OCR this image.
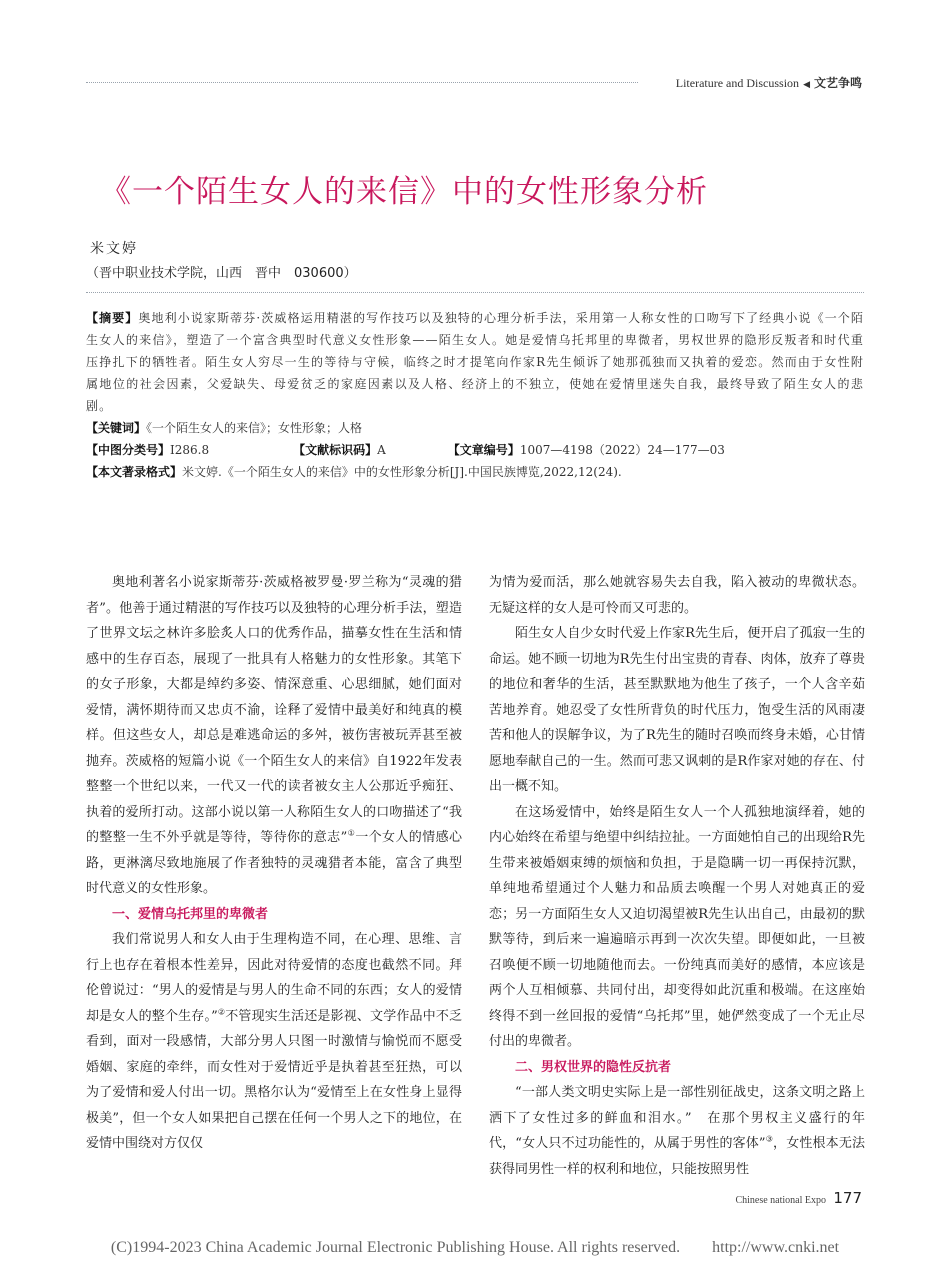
Literature and Discussion ◀ 文艺争鸣
《一个陌生女人的来信》中的女性形象分析
米文婷
（晋中职业技术学院，山西　晋中　030600）
【摘要】奥地利小说家斯蒂芬·茨威格运用精湛的写作技巧以及独特的心理分析手法，采用第一人称女性的口吻写下了经典小说《一个陌生女人的来信》，塑造了一个富含典型时代意义女性形象——陌生女人。她是爱情乌托邦里的卑微者，男权世界的隐形反叛者和时代重压挣扎下的牺牲者。陌生女人穷尽一生的等待与守候，临终之时才提笔向作家R先生倾诉了她那孤独而又执着的爱恋。然而由于女性附属地位的社会因素，父爱缺失、母爱贫乏的家庭因素以及人格、经济上的不独立，使她在爱情里迷失自我，最终导致了陌生女人的悲剧。
【关键词】《一个陌生女人的来信》；女性形象；人格
【中图分类号】I286.8	【文献标识码】A	【文章编号】1007—4198（2022）24—177—03
【本文著录格式】米文婷.《一个陌生女人的来信》中的女性形象分析[J].中国民族博览,2022,12(24).

奥地利著名小说家斯蒂芬·茨威格被罗曼·罗兰称为“灵魂的猎者”。他善于通过精湛的写作技巧以及独特的心理分析手法，塑造了世界文坛之林许多脍炙人口的优秀作品，描摹女性在生活和情感中的生存百态，展现了一批具有人格魅力的女性形象。其笔下的女子形象，大都是绰约多姿、情深意重、心思细腻，她们面对爱情，满怀期待而又忠贞不渝，诠释了爱情中最美好和纯真的模样。但这些女人，却总是难逃命运的多舛，被伤害被玩弄甚至被抛弃。茨威格的短篇小说《一个陌生女人的来信》自1922年发表整整一个世纪以来，一代又一代的读者被女主人公那近乎痴狂、执着的爱所打动。这部小说以第一人称陌生女人的口吻描述了“我的整整一生不外乎就是等待，等待你的意志”①一个女人的情感心路，更淋漓尽致地施展了作者独特的灵魂猎者本能，富含了典型时代意义的女性形象。

一、爱情乌托邦里的卑微者

我们常说男人和女人由于生理构造不同，在心理、思维、言行上也存在着根本性差异，因此对待爱情的态度也截然不同。拜伦曾说过：“男人的爱情是与男人的生命不同的东西；女人的爱情却是女人的整个生存。”②不管现实生活还是影视、文学作品中不乏看到，面对一段感情，大部分男人只图一时激情与愉悦而不愿受婚姻、家庭的牵绊，而女性对于爱情近乎是执着甚至狂热，可以为了爱情和爱人付出一切。黑格尔认为“爱情至上在女性身上显得极美”，但一个女人如果把自己摆在任何一个男人之下的地位，在爱情中围绕对方仅仅

为情为爱而活，那么她就容易失去自我，陷入被动的卑微状态。无疑这样的女人是可怜而又可悲的。

陌生女人自少女时代爱上作家R先生后，便开启了孤寂一生的命运。她不顾一切地为R先生付出宝贵的青春、肉体，放弃了尊贵的地位和奢华的生活，甚至默默地为他生了孩子，一个人含辛茹苦地养育。她忍受了女性所背负的时代压力，饱受生活的风雨凄苦和他人的误解争议，为了R先生的随时召唤而终身未婚，心甘情愿地奉献自己的一生。然而可悲又讽刺的是R作家对她的存在、付出一概不知。

在这场爱情中，始终是陌生女人一个人孤独地演绎着，她的内心始终在希望与绝望中纠结拉扯。一方面她怕自己的出现给R先生带来被婚姻束缚的烦恼和负担，于是隐瞒一切一再保持沉默，单纯地希望通过个人魅力和品质去唤醒一个男人对她真正的爱恋；另一方面陌生女人又迫切渴望被R先生认出自己，由最初的默默等待，到后来一遍遍暗示再到一次次失望。即便如此，一旦被召唤便不顾一切地随他而去。一份纯真而美好的感情，本应该是两个人互相倾慕、共同付出，却变得如此沉重和极端。在这座始终得不到一丝回报的爱情“乌托邦”里，她俨然变成了一个无止尽付出的卑微者。

二、男权世界的隐性反抗者

“一部人类文明史实际上是一部性别征战史，这条文明之路上洒下了女性过多的鲜血和泪水。”　在那个男权主义盛行的年代，“女人只不过功能性的，从属于男性的客体”③，女性根本无法获得同男性一样的权利和地位，只能按照男性

Chinese national Expo 177
(C)1994-2023 China Academic Journal Electronic Publishing House. All rights reserved.　　http://www.cnki.net
